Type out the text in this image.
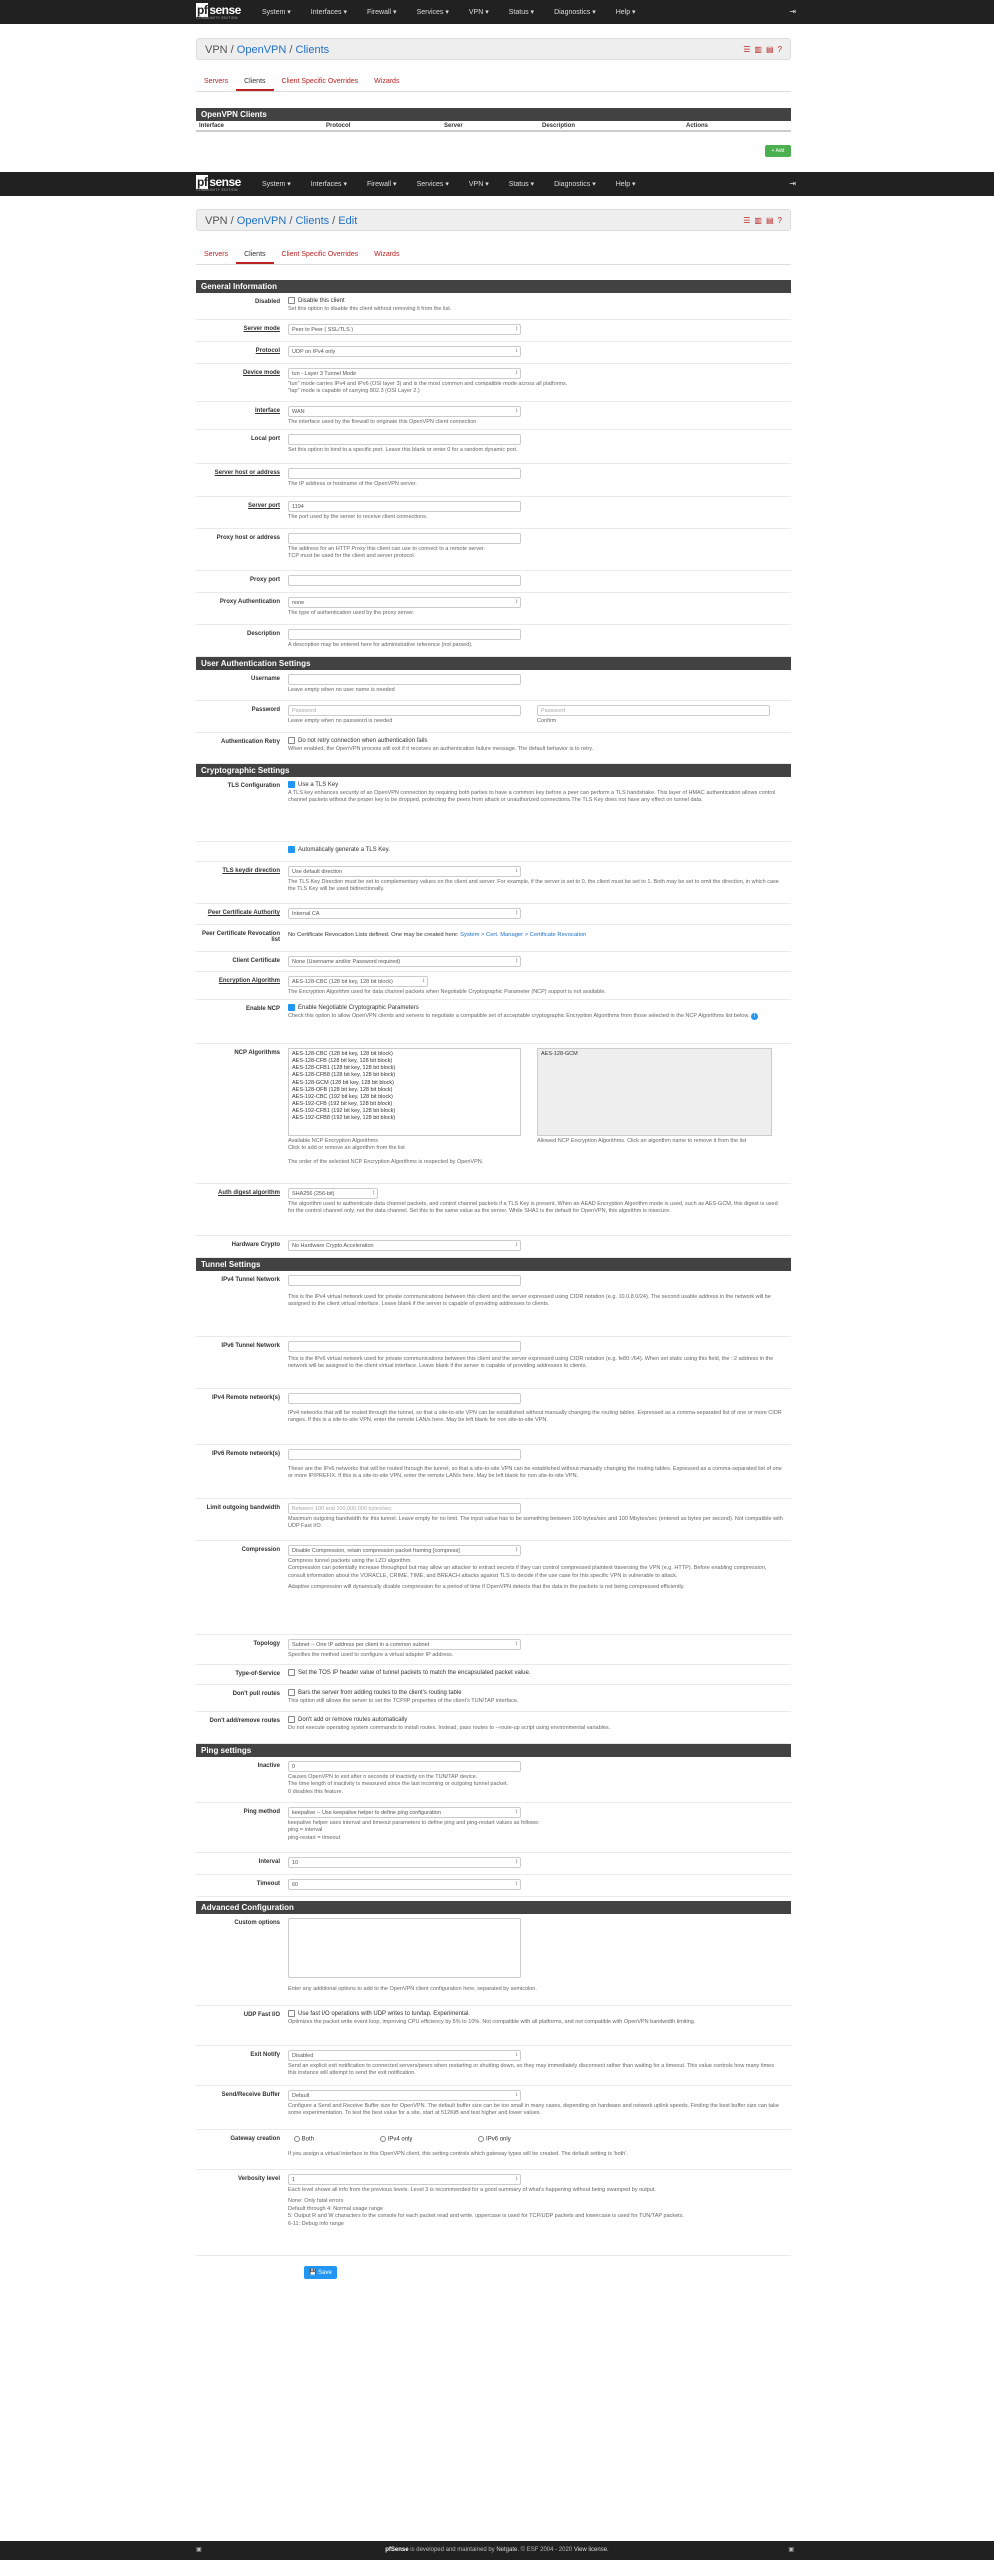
pf sense
COMMUNITY EDITION
System ▾	Interfaces ▾	Firewall ▾	Services ▾	VPN ▾	Status ▾	Diagnostics ▾	Help ▾	⇥
VPN / OpenVPN / Clients	☰ ▥ ▤ ?
Servers	Clients	Client Specific Overrides	Wizards
OpenVPN Clients
Interface	Protocol	Server	Description	Actions
+ Add
pf sense
COMMUNITY EDITION
System ▾	Interfaces ▾	Firewall ▾	Services ▾	VPN ▾	Status ▾	Diagnostics ▾	Help ▾	⇥
VPN / OpenVPN / Clients / Edit	☰ ▥ ▤ ?
Servers	Clients	Client Specific Overrides	Wizards
General Information
Disabled	Disable this client
Set this option to disable this client without removing it from the list.
Server mode	Peer to Peer ( SSL/TLS ) ↕
Protocol	UDP on IPv4 only ↕
Device mode	tun - Layer 3 Tunnel Mode ↕
"tun" mode carries IPv4 and IPv6 (OSI layer 3) and is the most common and compatible mode across all platforms.
"tap" mode is capable of carrying 802.3 (OSI Layer 2.)
Interface	WAN ↕
The interface used by the firewall to originate this OpenVPN client connection
Local port
Set this option to bind to a specific port. Leave this blank or enter 0 for a random dynamic port.
Server host or address
The IP address or hostname of the OpenVPN server.
Server port	1194
The port used by the server to receive client connections.
Proxy host or address
The address for an HTTP Proxy this client can use to connect to a remote server.
TCP must be used for the client and server protocol.
Proxy port
Proxy Authentication	none ↕
The type of authentication used by the proxy server.
Description
A description may be entered here for administrative reference (not parsed).
User Authentication Settings
Username
Leave empty when no user name is needed
Password	Password
Leave empty when no password is needed
Password
Confirm
Authentication Retry	Do not retry connection when authentication fails
When enabled, the OpenVPN process will exit if it receives an authentication failure message. The default behavior is to retry.
Cryptographic Settings
TLS Configuration	Use a TLS Key
A TLS key enhances security of an OpenVPN connection by requiring both parties to have a common key before a peer can perform a TLS handshake. This layer of HMAC authentication allows control channel packets without the proper key to be dropped, protecting the peers from attack or unauthorized connections.The TLS Key does not have any effect on tunnel data.
Automatically generate a TLS Key.
TLS keydir direction	Use default direction ↕
The TLS Key Direction must be set to complementary values on the client and server. For example, if the server is set to 0, the client must be set to 1. Both may be set to omit the direction, in which case the TLS Key will be used bidirectionally.
Peer Certificate Authority	Internal CA ↕
Peer Certificate Revocation list
No Certificate Revocation Lists defined. One may be created here: System > Cert. Manager > Certificate Revocation
Client Certificate	None (Username and/or Password required) ↕
Encryption Algorithm	AES-128-CBC (128 bit key, 128 bit block) ↕
The Encryption Algorithm used for data channel packets when Negotiable Cryptographic Parameter (NCP) support is not available.
Enable NCP	Enable Negotiable Cryptographic Parameters
Check this option to allow OpenVPN clients and servers to negotiate a compatible set of acceptable cryptographic Encryption Algorithms from those selected in the NCP Algorithms list below. i
NCP Algorithms	AES-128-CBC (128 bit key, 128 bit block)
AES-128-CFB (128 bit key, 128 bit block)
AES-128-CFB1 (128 bit key, 128 bit block)
AES-128-CFB8 (128 bit key, 128 bit block)
AES-128-GCM (128 bit key, 128 bit block)
AES-128-OFB (128 bit key, 128 bit block)
AES-192-CBC (192 bit key, 128 bit block)
AES-192-CFB (192 bit key, 128 bit block)
AES-192-CFB1 (192 bit key, 128 bit block)
AES-192-CFB8 (192 bit key, 128 bit block)
Available NCP Encryption Algorithms
Click to add or remove an algorithm from the list
AES-128-GCM
Allowed NCP Encryption Algorithms. Click an algorithm name to remove it from the list
The order of the selected NCP Encryption Algorithms is respected by OpenVPN.
Auth digest algorithm	SHA256 (256-bit) ↕
The algorithm used to authenticate data channel packets, and control channel packets if a TLS Key is present. When an AEAD Encryption Algorithm mode is used, such as AES-GCM, this digest is used for the control channel only, not the data channel. Set this to the same value as the server. While SHA1 is the default for OpenVPN, this algorithm is insecure.
Hardware Crypto	No Hardware Crypto Acceleration ↕
Tunnel Settings
IPv4 Tunnel Network
This is the IPv4 virtual network used for private communications between this client and the server expressed using CIDR notation (e.g. 10.0.8.0/24). The second usable address in the network will be assigned to the client virtual interface. Leave blank if the server is capable of providing addresses to clients.
IPv6 Tunnel Network
This is the IPv6 virtual network used for private communications between this client and the server expressed using CIDR notation (e.g. fe80::/64). When set static using this field, the ::2 address in the network will be assigned to the client virtual interface. Leave blank if the server is capable of providing addresses to clients.
IPv4 Remote network(s)
IPv4 networks that will be routed through the tunnel, so that a site-to-site VPN can be established without manually changing the routing tables. Expressed as a comma-separated list of one or more CIDR ranges. If this is a site-to-site VPN, enter the remote LAN/s here. May be left blank for non site-to-site VPN.
IPv6 Remote network(s)
These are the IPv6 networks that will be routed through the tunnel, so that a site-to-site VPN can be established without manually changing the routing tables. Expressed as a comma-separated list of one or more IP/PREFIX. If this is a site-to-site VPN, enter the remote LAN/s here. May be left blank for non site-to-site VPN.
Limit outgoing bandwidth	Between 100 and 100,000,000 bytes/sec
Maximum outgoing bandwidth for this tunnel. Leave empty for no limit. The input value has to be something between 100 bytes/sec and 100 Mbytes/sec (entered as bytes per second). Not compatible with UDP Fast I/O.
Compression	Disable Compression, retain compression packet framing [compress] ↕
Compress tunnel packets using the LZO algorithm.
Compression can potentially increase throughput but may allow an attacker to extract secrets if they can control compressed plaintext traversing the VPN (e.g. HTTP). Before enabling compression, consult information about the VORACLE, CRIME, TIME, and BREACH attacks against TLS to decide if the use case for this specific VPN is vulnerable to attack.
Adaptive compression will dynamically disable compression for a period of time if OpenVPN detects that the data in the packets is not being compressed efficiently.
Topology	Subnet -- One IP address per client in a common subnet ↕
Specifies the method used to configure a virtual adapter IP address.
Type-of-Service	Set the TOS IP header value of tunnel packets to match the encapsulated packet value.
Don't pull routes	Bars the server from adding routes to the client's routing table
This option still allows the server to set the TCP/IP properties of the client's TUN/TAP interface.
Don't add/remove routes	Don't add or remove routes automatically
Do not execute operating system commands to install routes. Instead, pass routes to --route-up script using environmental variables.
Ping settings
Inactive	0
Causes OpenVPN to exit after n seconds of inactivity on the TUN/TAP device.
The time length of inactivity is measured since the last incoming or outgoing tunnel packet.
0 disables this feature.
Ping method	keepalive -- Use keepalive helper to define ping configuration ↕
keepalive helper uses interval and timeout parameters to define ping and ping-restart values as follows:
ping = interval
ping-restart = timeout
Interval	10 ↕
Timeout	60 ↕
Advanced Configuration
Custom options
Enter any additional options to add to the OpenVPN client configuration here, separated by semicolon.
UDP Fast I/O	Use fast I/O operations with UDP writes to tun/tap. Experimental.
Optimizes the packet write event loop, improving CPU efficiency by 5% to 10%. Not compatible with all platforms, and not compatible with OpenVPN bandwidth limiting.
Exit Notify	Disabled ↕
Send an explicit exit notification to connected servers/peers when restarting or shutting down, so they may immediately disconnect rather than waiting for a timeout. This value controls how many times this instance will attempt to send the exit notification.
Send/Receive Buffer	Default ↕
Configure a Send and Receive Buffer size for OpenVPN. The default buffer size can be too small in many cases, depending on hardware and network uplink speeds. Finding the best buffer size can take some experimentation. To test the best value for a site, start at 512KiB and test higher and lower values.
Gateway creation	Both	IPv4 only	IPv6 only
If you assign a virtual interface to this OpenVPN client, this setting controls which gateway types will be created. The default setting is 'both'.
Verbosity level	1 ↕
Each level shows all info from the previous levels. Level 3 is recommended for a good summary of what's happening without being swamped by output.
None: Only fatal errors
Default through 4: Normal usage range
5: Output R and W characters to the console for each packet read and write. uppercase is used for TCP/UDP packets and lowercase is used for TUN/TAP packets.
6-11: Debug info range
💾 Save
▣	pfSense is developed and maintained by Netgate. © ESF 2004 - 2020 View license.	▣
